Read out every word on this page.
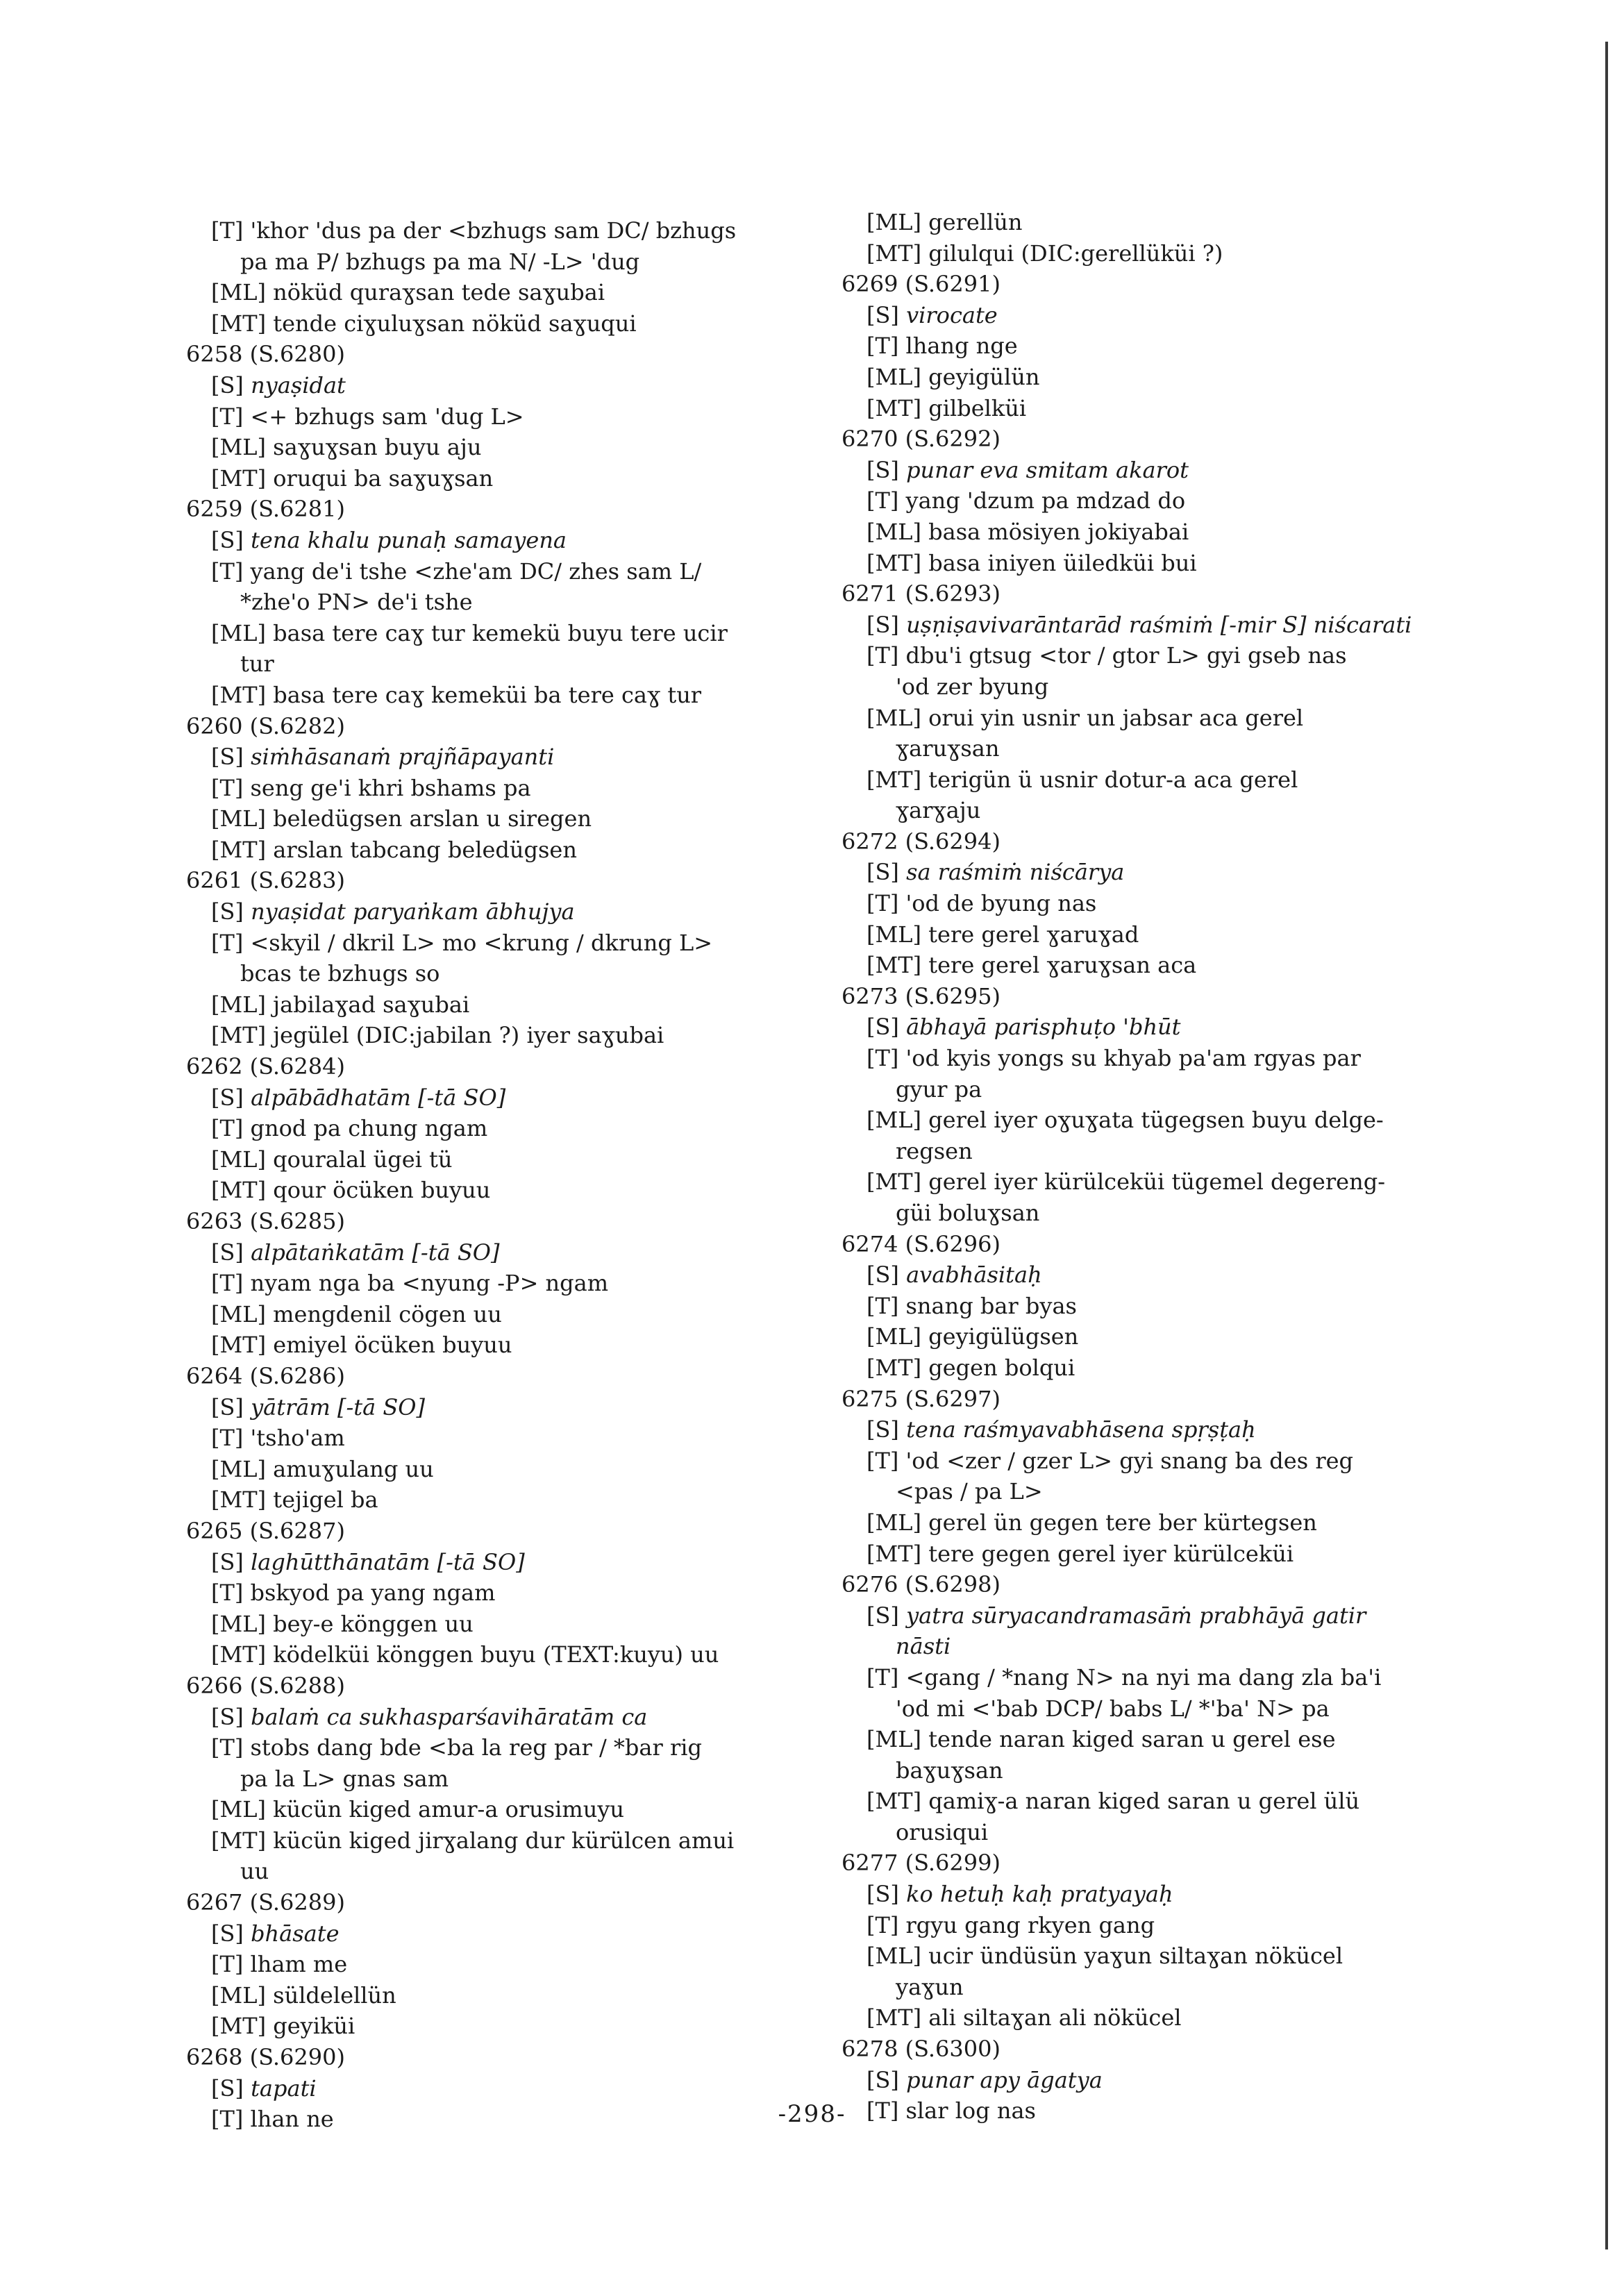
[T] 'khor 'dus pa der <bzhugs sam DC/ bzhugs
pa ma P/ bzhugs pa ma N/ -L> 'dug
[ML] nöküd quraɣsan tede saɣubai
[MT] tende ciɣuluɣsan nöküd saɣuqui
6258 (S.6280)
[S] nyaṣidat
[T] <+ bzhugs sam 'dug L>
[ML] saɣuɣsan buyu aju
[MT] oruqui ba saɣuɣsan
6259 (S.6281)
[S] tena khalu punaḥ samayena
[T] yang de'i tshe <zhe'am DC/ zhes sam L/
*zhe'o PN> de'i tshe
[ML] basa tere caɣ tur kemekü buyu tere ucir
tur
[MT] basa tere caɣ kemeküi ba tere caɣ tur
6260 (S.6282)
[S] siṁhāsanaṁ prajñāpayanti
[T] seng ge'i khri bshams pa
[ML] beledügsen arslan u siregen
[MT] arslan tabcang beledügsen
6261 (S.6283)
[S] nyaṣidat paryaṅkam ābhujya
[T] <skyil / dkril L> mo <krung / dkrung L>
bcas te bzhugs so
[ML] jabilaɣad saɣubai
[MT] jegülel (DIC:jabilan ?) iyer saɣubai
6262 (S.6284)
[S] alpābādhatām [-tā SO]
[T] gnod pa chung ngam
[ML] qouralal ügei tü
[MT] qour öcüken buyuu
6263 (S.6285)
[S] alpātaṅkatām [-tā SO]
[T] nyam nga ba <nyung -P> ngam
[ML] mengdenil cögen uu
[MT] emiyel öcüken buyuu
6264 (S.6286)
[S] yātrām [-tā SO]
[T] 'tsho'am
[ML] amuɣulang uu
[MT] tejigel ba
6265 (S.6287)
[S] laghūtthānatām [-tā SO]
[T] bskyod pa yang ngam
[ML] bey-e könggen uu
[MT] ködelküi könggen buyu (TEXT:kuyu) uu
6266 (S.6288)
[S] balaṁ ca sukhasparśavihāratām ca
[T] stobs dang bde <ba la reg par / *bar rig
pa la L> gnas sam
[ML] kücün kiged amur-a orusimuyu
[MT] kücün kiged jirɣalang dur kürülcen amui
uu
6267 (S.6289)
[S] bhāsate
[T] lham me
[ML] süldelellün
[MT] geyiküi
6268 (S.6290)
[S] tapati
[T] lhan ne
[ML] gerellün
[MT] gilulqui (DIC:gerellüküi ?)
6269 (S.6291)
[S] virocate
[T] lhang nge
[ML] geyigülün
[MT] gilbelküi
6270 (S.6292)
[S] punar eva smitam akarot
[T] yang 'dzum pa mdzad do
[ML] basa mösiyen jokiyabai
[MT] basa iniyen üiledküi bui
6271 (S.6293)
[S] uṣṇiṣavivarāntarād raśmiṁ [-mir S] niścarati
[T] dbu'i gtsug <tor / gtor L> gyi gseb nas
'od zer byung
[ML] orui yin usnir un jabsar aca gerel
ɣaruɣsan
[MT] terigün ü usnir dotur-a aca gerel
ɣarɣaju
6272 (S.6294)
[S] sa raśmiṁ niścārya
[T] 'od de byung nas
[ML] tere gerel ɣaruɣad
[MT] tere gerel ɣaruɣsan aca
6273 (S.6295)
[S] ābhayā parisphuṭo 'bhūt
[T] 'od kyis yongs su khyab pa'am rgyas par
gyur pa
[ML] gerel iyer oɣuɣata tügegsen buyu delge-
regsen
[MT] gerel iyer kürülceküi tügemel degereng-
güi boluɣsan
6274 (S.6296)
[S] avabhāsitaḥ
[T] snang bar byas
[ML] geyigülügsen
[MT] gegen bolqui
6275 (S.6297)
[S] tena raśmyavabhāsena spṛṣṭaḥ
[T] 'od <zer / gzer L> gyi snang ba des reg
<pas / pa L>
[ML] gerel ün gegen tere ber kürtegsen
[MT] tere gegen gerel iyer kürülceküi
6276 (S.6298)
[S] yatra sūryacandramasāṁ prabhāyā gatir
nāsti
[T] <gang / *nang N> na nyi ma dang zla ba'i
'od mi <'bab DCP/ babs L/ *'ba' N> pa
[ML] tende naran kiged saran u gerel ese
baɣuɣsan
[MT] qamiɣ-a naran kiged saran u gerel ülü
orusiqui
6277 (S.6299)
[S] ko hetuḥ kaḥ pratyayaḥ
[T] rgyu gang rkyen gang
[ML] ucir ündüsün yaɣun siltaɣan nökücel
yaɣun
[MT] ali siltaɣan ali nökücel
6278 (S.6300)
[S] punar apy āgatya
[T] slar log nas
-298-
